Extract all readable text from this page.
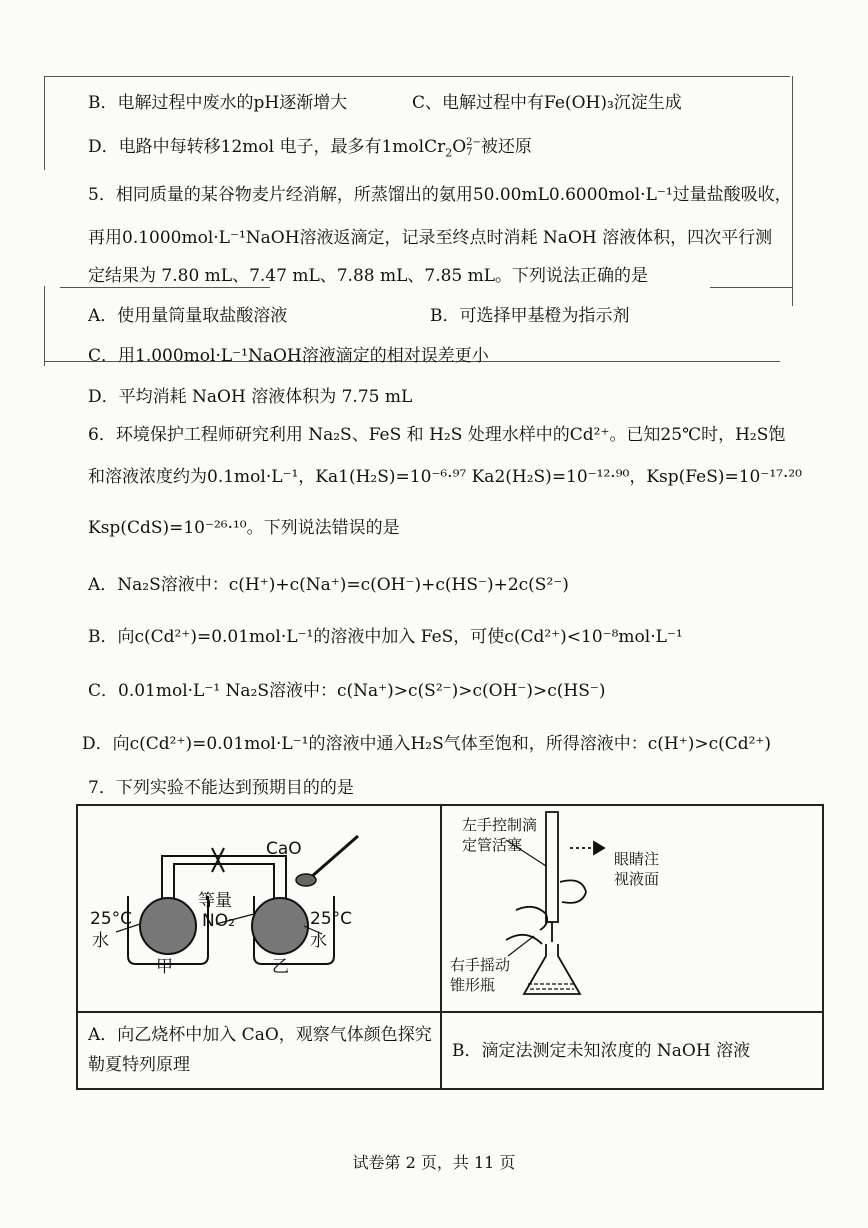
B．电解过程中废水的pH逐渐增大	C、电解过程中有Fe(OH)₃沉淀生成
D．电路中每转移12mol 电子，最多有1molCr$_2$O 2−
7 被还原
5．相同质量的某谷物麦片经消解，所蒸馏出的氨用50.00mL0.6000mol·L⁻¹过量盐酸吸收，
再用0.1000mol·L⁻¹NaOH溶液返滴定，记录至终点时消耗 NaOH 溶液体积，四次平行测
定结果为 7.80 mL、7.47 mL、7.88 mL、7.85 mL。下列说法正确的是
A．使用量筒量取盐酸溶液	B．可选择甲基橙为指示剂
C．用1.000mol·L⁻¹NaOH溶液滴定的相对误差更小
D．平均消耗 NaOH 溶液体积为 7.75 mL
6．环境保护工程师研究利用 Na₂S、FeS 和 H₂S 处理水样中的Cd²⁺。已知25℃时，H₂S饱
和溶液浓度约为0.1mol·L⁻¹，Ka1(H₂S)=10⁻⁶·⁹⁷ Ka2(H₂S)=10⁻¹²·⁹⁰，Ksp(FeS)=10⁻¹⁷·²⁰
Ksp(CdS)=10⁻²⁶·¹⁰。下列说法错误的是
A．Na₂S溶液中：c(H⁺)+c(Na⁺)=c(OH⁻)+c(HS⁻)+2c(S²⁻)
B．向c(Cd²⁺)=0.01mol·L⁻¹的溶液中加入 FeS，可使c(Cd²⁺)<10⁻⁸mol·L⁻¹
C．0.01mol·L⁻¹ Na₂S溶液中：c(Na⁺)>c(S²⁻)>c(OH⁻)>c(HS⁻)
D．向c(Cd²⁺)=0.01mol·L⁻¹的溶液中通入H₂S气体至饱和，所得溶液中：c(H⁺)>c(Cd²⁺)
7．下列实验不能达到预期目的的是
CaO
等量
NO₂
25°C
水
25°C
水
甲	乙
左手控制滴
定管活塞
眼睛注
视液面
右手摇动
锥形瓶
A．向乙烧杯中加入 CaO，观察气体颜色探究
勒夏特列原理
B．滴定法测定未知浓度的 NaOH 溶液
试卷第 2 页，共 11 页
